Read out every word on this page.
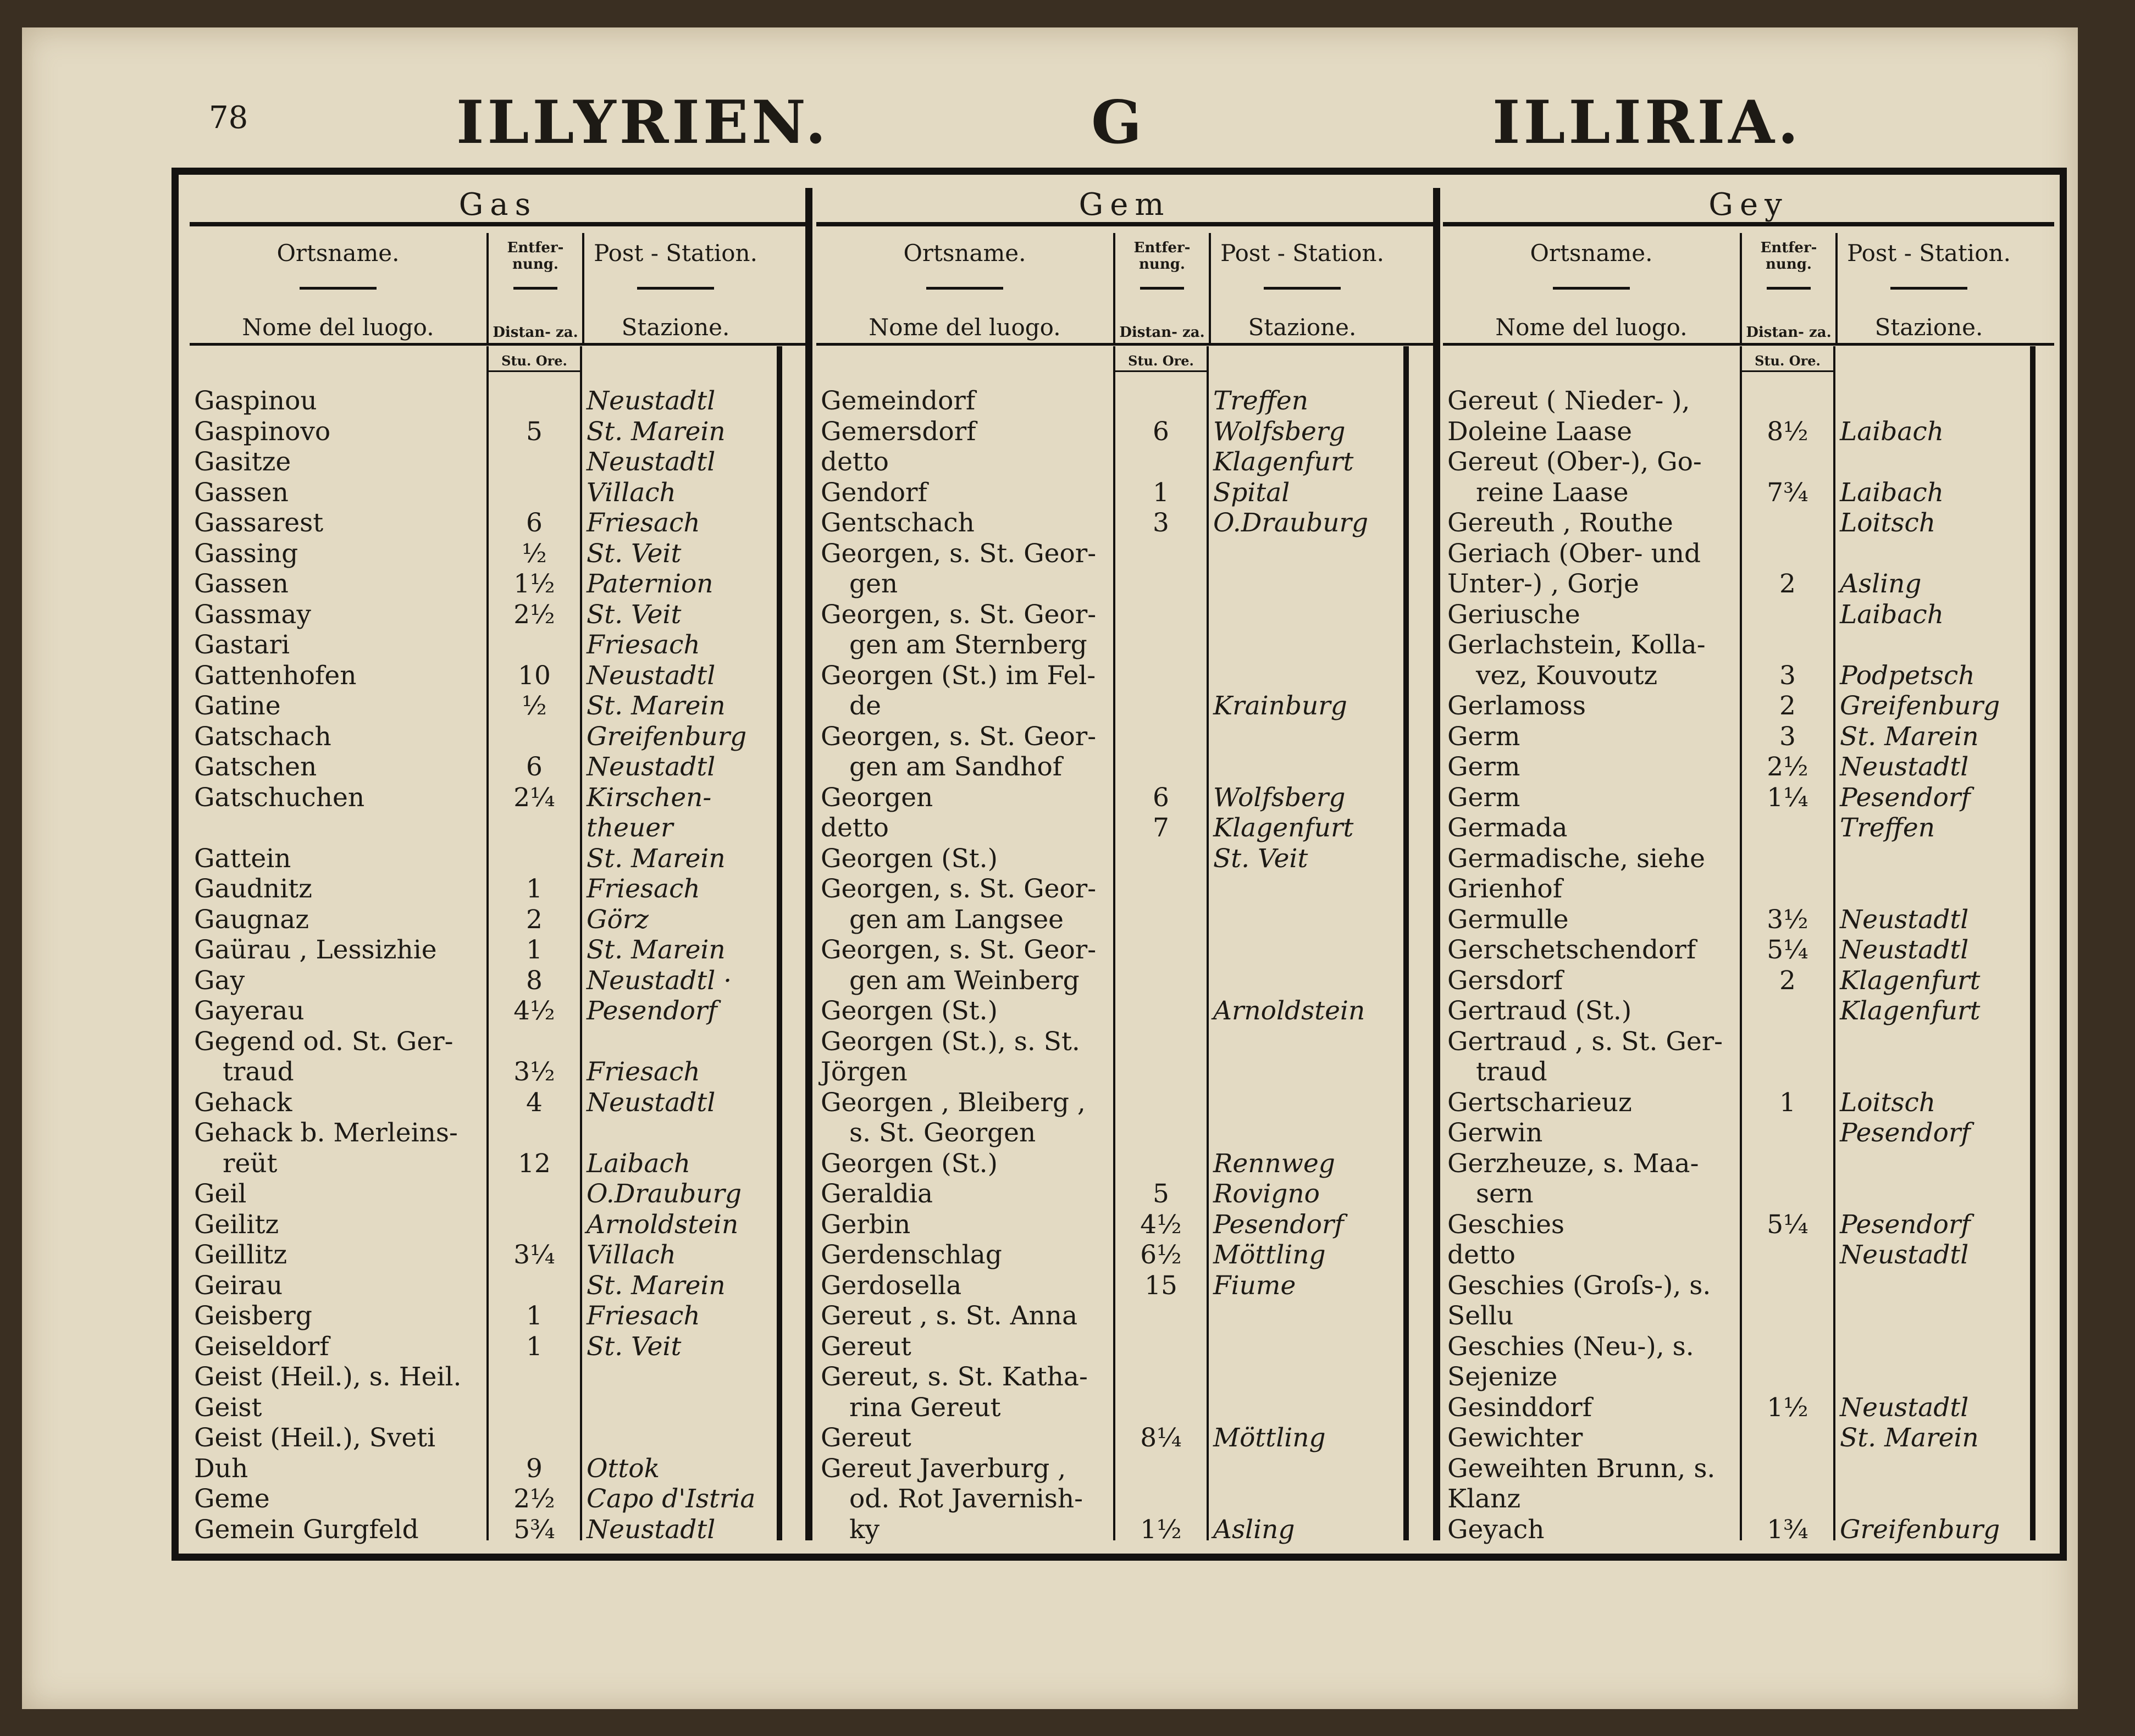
78	ILLYRIEN.	G	ILLIRIA.
Gas
Ortsname.
Nome del luogo.
Entfer- nung.
Distan- za.
Post - Station.
Stazione.
Stu. Ore.
Gaspinou	Neustadtl
Gaspinovo	5	St. Marein
Gasitze	Neustadtl
Gassen	Villach
Gassarest	6	Friesach
Gassing	½	St. Veit
Gassen	1½	Paternion
Gassmay	2½	St. Veit
Gastari	Friesach
Gattenhofen	10	Neustadtl
Gatine	½	St. Marein
Gatschach	Greifenburg
Gatschen	6	Neustadtl
Gatschuchen	2¼	Kirschen-
theuer
Gattein	St. Marein
Gaudnitz	1	Friesach
Gaugnaz	2	Görz
Gaürau , Lessizhie	1	St. Marein
Gay	8	Neustadtl ·
Gayerau	4½	Pesendorf
Gegend od. St. Ger-
traud	3½	Friesach
Gehack	4	Neustadtl
Gehack b. Merleins-
reüt	12	Laibach
Geil	O.Drauburg
Geilitz	Arnoldstein
Geillitz	3¼	Villach
Geirau	St. Marein
Geisberg	1	Friesach
Geiseldorf	1	St. Veit
Geist (Heil.), s. Heil.
Geist
Geist (Heil.), Sveti
Duh	9	Ottok
Geme	2½	Capo d'Istria
Gemein Gurgfeld	5¾	Neustadtl
Gem
Ortsname.
Nome del luogo.
Entfer- nung.
Distan- za.
Post - Station.
Stazione.
Stu. Ore.
Gemeindorf	Treffen
Gemersdorf	6	Wolfsberg
detto	Klagenfurt
Gendorf	1	Spital
Gentschach	3	O.Drauburg
Georgen, s. St. Geor-
gen
Georgen, s. St. Geor-
gen am Sternberg
Georgen (St.) im Fel-
de	Krainburg
Georgen, s. St. Geor-
gen am Sandhof
Georgen	6	Wolfsberg
detto	7	Klagenfurt
Georgen (St.)	St. Veit
Georgen, s. St. Geor-
gen am Langsee
Georgen, s. St. Geor-
gen am Weinberg
Georgen (St.)	Arnoldstein
Georgen (St.), s. St.
Jörgen
Georgen , Bleiberg ,
s. St. Georgen
Georgen (St.)	Rennweg
Geraldia	5	Rovigno
Gerbin	4½	Pesendorf
Gerdenschlag	6½	Möttling
Gerdosella	15	Fiume
Gereut , s. St. Anna
Gereut
Gereut, s. St. Katha-
rina Gereut
Gereut	8¼	Möttling
Gereut Javerburg ,
od. Rot Javernish-
ky	1½	Asling
Gey
Ortsname.
Nome del luogo.
Entfer- nung.
Distan- za.
Post - Station.
Stazione.
Stu. Ore.
Gereut ( Nieder- ),
Doleine Laase	8½	Laibach
Gereut (Ober-), Go-
reine Laase	7¾	Laibach
Gereuth , Routhe	Loitsch
Geriach (Ober- und
Unter-) , Gorje	2	Asling
Geriusche	Laibach
Gerlachstein, Kolla-
vez, Kouvoutz	3	Podpetsch
Gerlamoss	2	Greifenburg
Germ	3	St. Marein
Germ	2½	Neustadtl
Germ	1¼	Pesendorf
Germada	Treffen
Germadische, siehe
Grienhof
Germulle	3½	Neustadtl
Gerschetschendorf	5¼	Neustadtl
Gersdorf	2	Klagenfurt
Gertraud (St.)	Klagenfurt
Gertraud , s. St. Ger-
traud
Gertscharieuz	1	Loitsch
Gerwin	Pesendorf
Gerzheuze, s. Maa-
sern
Geschies	5¼	Pesendorf
detto	Neustadtl
Geschies (Groſs-), s.
Sellu
Geschies (Neu-), s.
Sejenize
Gesinddorf	1½	Neustadtl
Gewichter	St. Marein
Geweihten Brunn, s.
Klanz
Geyach	1¾	Greifenburg
